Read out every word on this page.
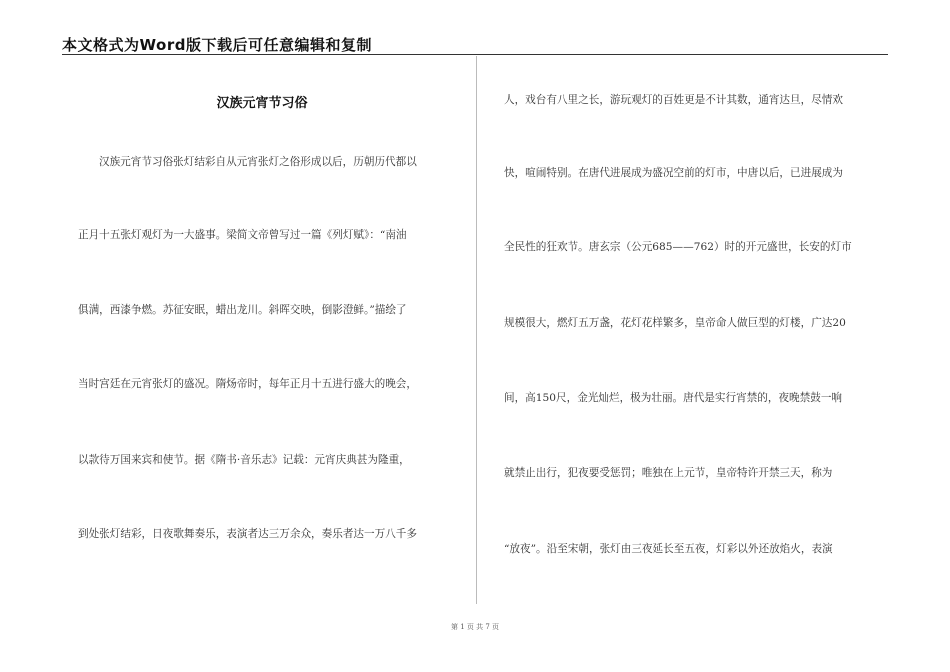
本文格式为Word版下载后可任意编辑和复制
汉族元宵节习俗
汉族元宵节习俗张灯结彩自从元宵张灯之俗形成以后，历朝历代都以
正月十五张灯观灯为一大盛事。梁简文帝曾写过一篇《列灯赋》：“南油
俱满，西漆争燃。苏征安眠，蜡出龙川。斜晖交映，倒影澄鲜。”描绘了
当时宫廷在元宵张灯的盛况。隋炀帝时，每年正月十五进行盛大的晚会，
以款待万国来宾和使节。据《隋书·音乐志》记载：元宵庆典甚为隆重，
到处张灯结彩，日夜歌舞奏乐，表演者达三万余众，奏乐者达一万八千多
人，戏台有八里之长，游玩观灯的百姓更是不计其数，通宵达旦，尽情欢
快，喧闹特别。在唐代进展成为盛况空前的灯市，中唐以后，已进展成为
全民性的狂欢节。唐玄宗（公元685——762）时的开元盛世，长安的灯市
规模很大，燃灯五万盏，花灯花样繁多，皇帝命人做巨型的灯楼，广达20
间，高150尺，金光灿烂，极为壮丽。唐代是实行宵禁的，夜晚禁鼓一响
就禁止出行，犯夜要受惩罚；唯独在上元节，皇帝特许开禁三天，称为
“放夜”。沿至宋朝，张灯由三夜延长至五夜，灯彩以外还放焰火，表演
第 1 页 共 7 页
